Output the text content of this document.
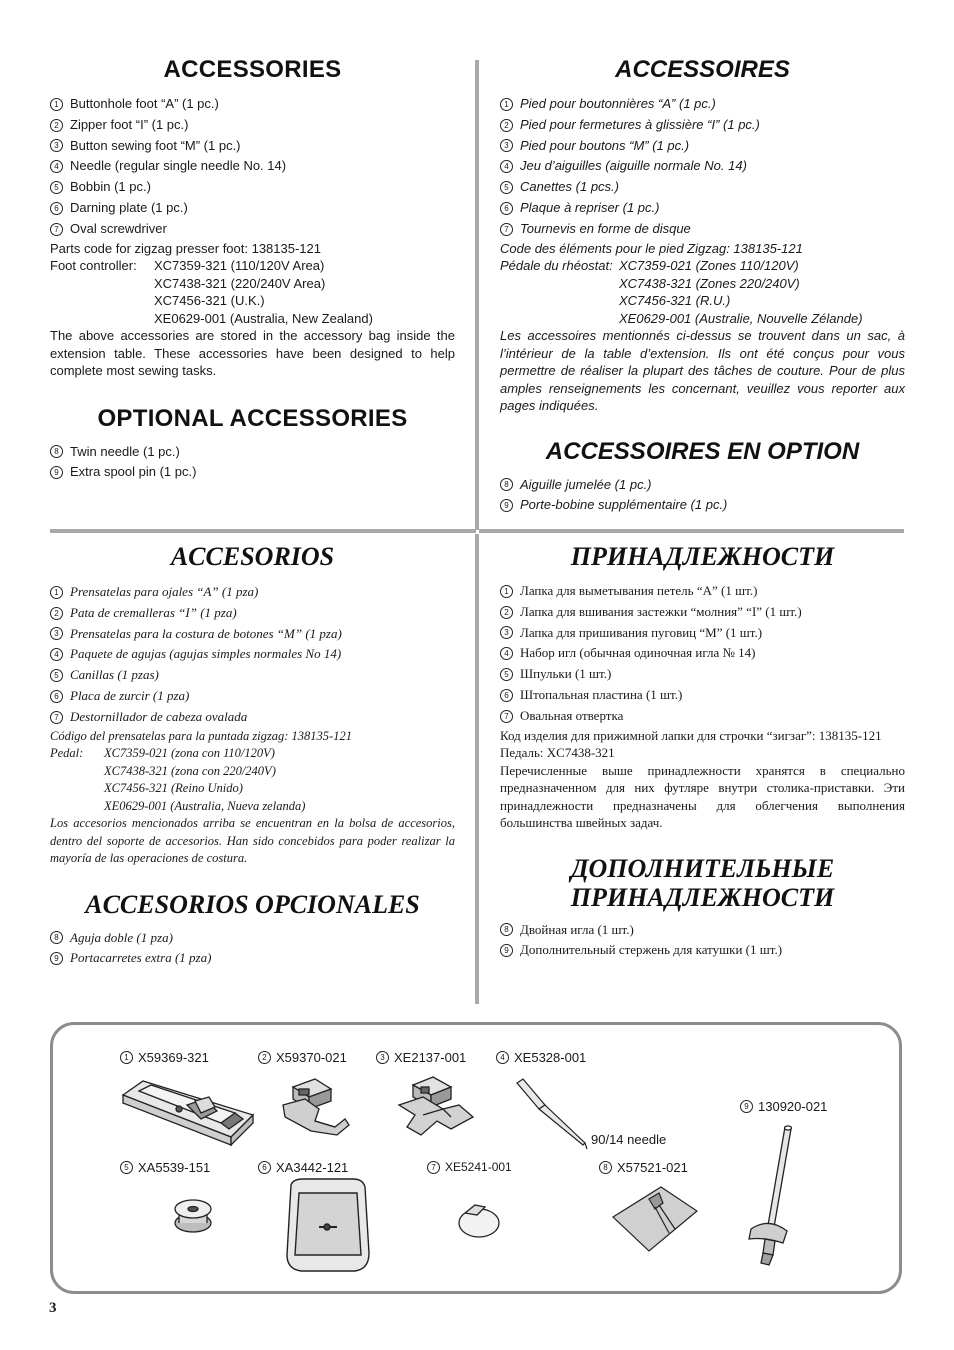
ACCESSORIES
1 Buttonhole foot “A” (1 pc.)
2 Zipper foot “I” (1 pc.)
3 Button sewing foot “M” (1 pc.)
4 Needle (regular single needle No. 14)
5 Bobbin (1 pc.)
6 Darning plate (1 pc.)
7 Oval screwdriver
Parts code for zigzag presser foot: 138135-121
Foot controller: XC7359-321 (110/120V Area)
XC7438-321 (220/240V Area)
XC7456-321 (U.K.)
XE0629-001 (Australia, New Zealand)

The above accessories are stored in the accessory bag inside the extension table. These accessories have been designed to help complete most sewing tasks.

OPTIONAL ACCESSORIES
8 Twin needle (1 pc.)
9 Extra spool pin (1 pc.)
ACCESSOIRES
1 Pied pour boutonnières “A” (1 pc.)
2 Pied pour fermetures à glissière “I” (1 pc.)
3 Pied pour boutons “M” (1 pc.)
4 Jeu d’aiguilles (aiguille normale No. 14)
5 Canettes (1 pcs.)
6 Plaque à repriser (1 pc.)
7 Tournevis en forme de disque
Code des éléments pour le pied Zigzag: 138135-121
Pédale du rhéostat: XC7359-021 (Zones 110/120V)
XC7438-321 (Zones 220/240V)
XC7456-321 (R.U.)
XE0629-001 (Australie, Nouvelle Zélande)

Les accessoires mentionnés ci-dessus se trouvent dans un sac, à l’intérieur de la table d’extension. Ils ont été conçus pour vous permettre de réaliser la plupart des tâches de couture. Pour de plus amples renseignements les concernant, veuillez vous reporter aux pages indiquées.

ACCESSOIRES EN OPTION
8 Aiguille jumelée (1 pc.)
9 Porte-bobine supplémentaire (1 pc.)
ACCESORIOS
1 Prensatelas para ojales “A” (1 pza)
2 Pata de cremalleras “I” (1 pza)
3 Prensatelas para la costura de botones “M” (1 pza)
4 Paquete de agujas (agujas simples normales No 14)
5 Canillas (1 pzas)
6 Placa de zurcir (1 pza)
7 Destornillador de cabeza ovalada
Código del prensatelas para la puntada zigzag: 138135-121
Pedal: XC7359-021 (zona con 110/120V)
XC7438-321 (zona con 220/240V)
XC7456-321 (Reino Unido)
XE0629-001 (Australia, Nueva zelanda)

Los accesorios mencionados arriba se encuentran en la bolsa de accesorios, dentro del soporte de accesorios. Han sido concebidos para poder realizar la mayoría de las operaciones de costura.

ACCESORIOS OPCIONALES
8 Aguja doble (1 pza)
9 Portacarretes extra (1 pza)
ПРИНАДЛЕЖНОСТИ
1 Лапка для выметывания петель “A” (1 шт.)
2 Лапка для вшивания застежки “молния” “I” (1 шт.)
3 Лапка для пришивания пуговиц “M” (1 шт.)
4 Набор игл (обычная одиночная игла № 14)
5 Шпульки (1 шт.)
6 Штопальная пластина (1 шт.)
7 Овальная отвертка

Код изделия для прижимной лапки для строчки “зигзаг”: 138135-121

Педаль: XC7438-321

Перечисленные выше принадлежности хранятся в специально предназначенном для них футляре внутри столика-приставки. Эти принадлежности предназначены для облегчения выполнения большинства швейных задач.

ДОПОЛНИТЕЛЬНЫЕ
ПРИНАДЛЕЖНОСТИ
8 Двойная игла (1 шт.)
9 Дополнительный стержень для катушки (1 шт.)
1 X59369-321	2 X59370-021	3 XE2137-001	4 XE5328-001
5 XA5539-151	6 XA3442-121	7 XE5241-001	8 X57521-021
9 130920-021
90/14 needle
3
